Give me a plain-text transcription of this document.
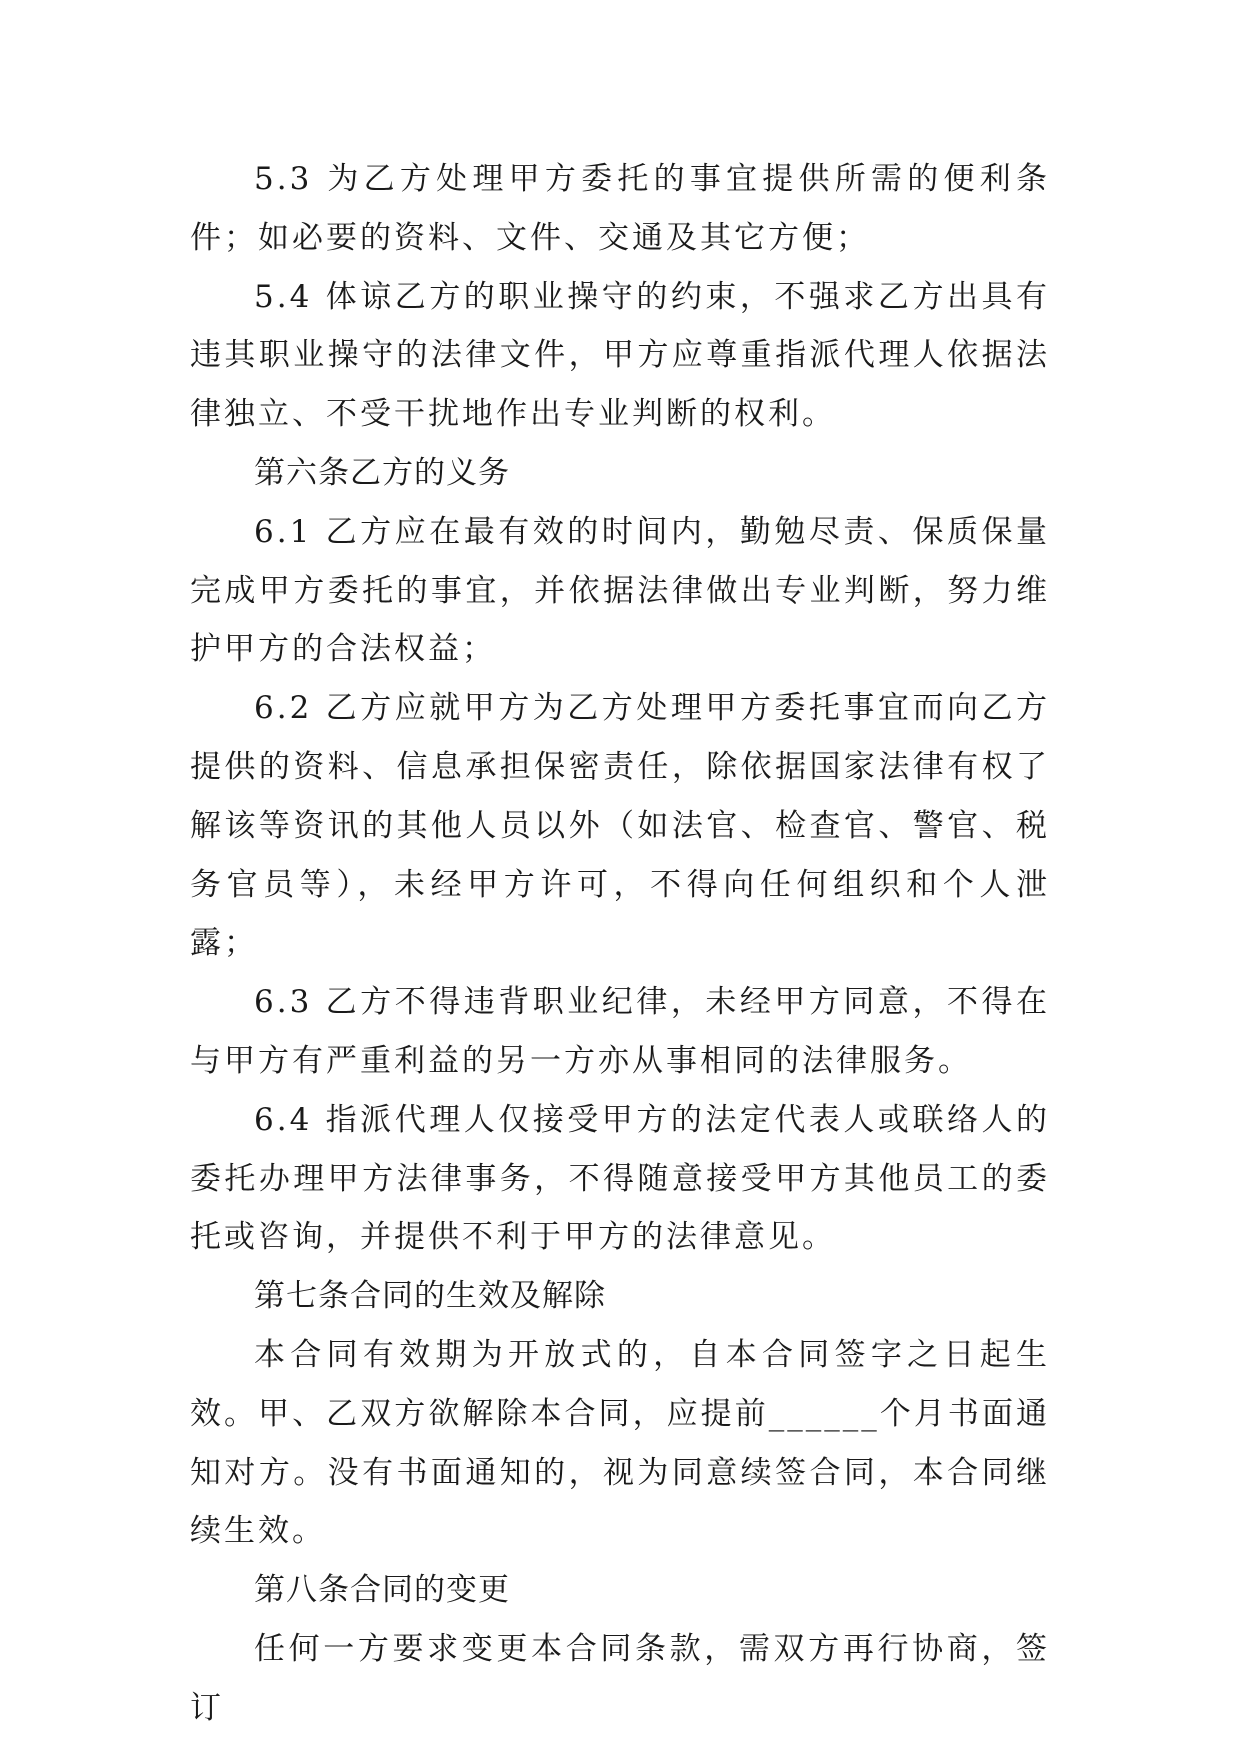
5.3 为乙方处理甲方委托的事宜提供所需的便利条件；如必要的资料、文件、交通及其它方便；

5.4 体谅乙方的职业操守的约束，不强求乙方出具有违其职业操守的法律文件，甲方应尊重指派代理人依据法律独立、不受干扰地作出专业判断的权利。

第六条乙方的义务

6.1 乙方应在最有效的时间内，勤勉尽责、保质保量完成甲方委托的事宜，并依据法律做出专业判断，努力维护甲方的合法权益；

6.2 乙方应就甲方为乙方处理甲方委托事宜而向乙方提供的资料、信息承担保密责任，除依据国家法律有权了解该等资讯的其他人员以外（如法官、检查官、警官、税务官员等），未经甲方许可，不得向任何组织和个人泄露；

6.3 乙方不得违背职业纪律，未经甲方同意，不得在与甲方有严重利益的另一方亦从事相同的法律服务。

6.4 指派代理人仅接受甲方的法定代表人或联络人的委托办理甲方法律事务，不得随意接受甲方其他员工的委托或咨询，并提供不利于甲方的法律意见。

第七条合同的生效及解除

本合同有效期为开放式的，自本合同签字之日起生效。甲、乙双方欲解除本合同，应提前______个月书面通知对方。没有书面通知的，视为同意续签合同，本合同继续生效。

第八条合同的变更

任何一方要求变更本合同条款，需双方再行协商，签订
